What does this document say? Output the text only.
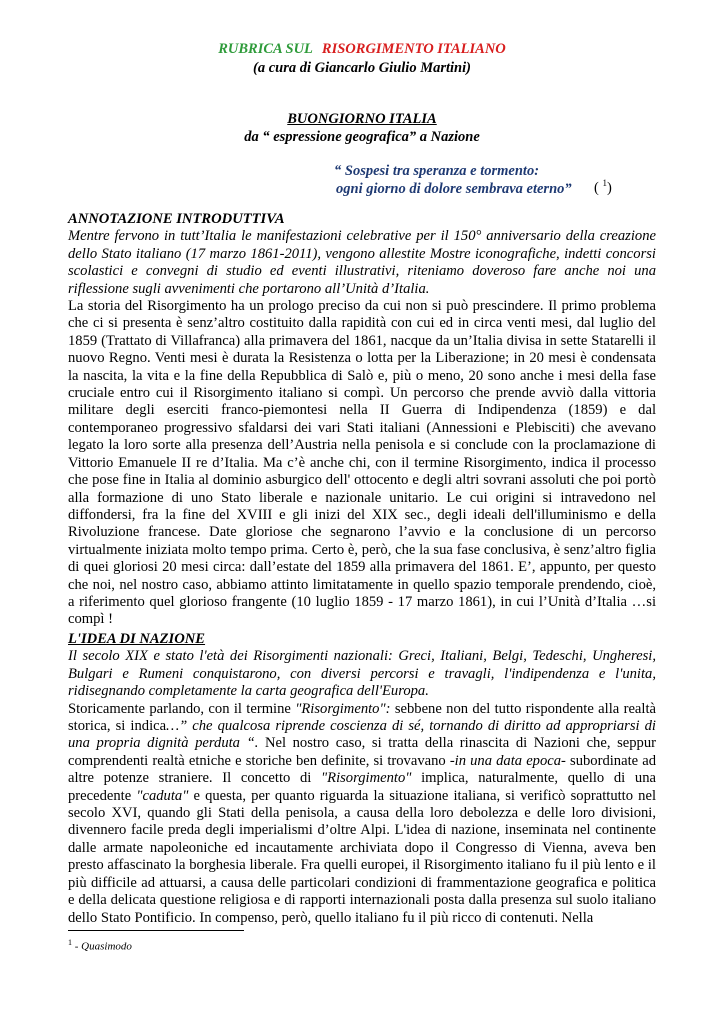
RUBRICA SUL RISORGIMENTO ITALIANO
(a cura di Giancarlo Giulio Martini)
BUONGIORNO ITALIA
da “ espressione geografica” a Nazione
“ Sospesi tra speranza e tormento:
ogni giorno di dolore sembrava eterno”	( $^1$)
ANNOTAZIONE INTRODUTTIVA

Mentre fervono in tutt’Italia le manifestazioni celebrative per il 150° anniversario della creazione dello Stato italiano (17 marzo 1861-2011), vengono allestite Mostre iconografiche, indetti concorsi scolastici e convegni di studio ed eventi illustrativi, riteniamo doveroso fare anche noi una riflessione sugli avvenimenti che portarono all’Unità d’Italia.

La storia del Risorgimento ha un prologo preciso da cui non si può prescindere. Il primo problema che ci si presenta è senz’altro costituito dalla rapidità con cui ed in circa venti mesi, dal luglio del 1859 (Trattato di Villafranca) alla primavera del 1861, nacque da un’Italia divisa in sette Statarelli il nuovo Regno. Venti mesi è durata la Resistenza o lotta per la Liberazione; in 20 mesi è condensata la nascita, la vita e la fine della Repubblica di Salò e, più o meno, 20 sono anche i mesi della fase cruciale entro cui il Risorgimento italiano si compì. Un percorso che prende avviò dalla vittoria militare degli eserciti franco-piemontesi nella II Guerra di Indipendenza (1859) e dal contemporaneo progressivo sfaldarsi dei vari Stati italiani (Annessioni e Plebisciti) che avevano legato la loro sorte alla presenza dell’Austria nella penisola e si conclude con la proclamazione di Vittorio Emanuele II re d’Italia. Ma c’è anche chi, con il termine Risorgimento, indica il processo che pose fine in Italia al dominio asburgico dell' ottocento e degli altri sovrani assoluti che poi portò alla formazione di uno Stato liberale e nazionale unitario. Le cui origini si intravedono nel diffondersi, fra la fine del XVIII e gli inizi del XIX sec., degli ideali dell'illuminismo e della Rivoluzione francese. Date gloriose che segnarono l’avvio e la conclusione di un percorso virtualmente iniziata molto tempo prima. Certo è, però, che la sua fase conclusiva, è senz’altro figlia di quei gloriosi 20 mesi circa: dall’estate del 1859 alla primavera del 1861. E’, appunto, per questo che noi, nel nostro caso, abbiamo attinto limitatamente in quello spazio temporale prendendo, cioè, a riferimento quel glorioso frangente (10 luglio 1859 - 17 marzo 1861), in cui l’Unità d’Italia …si compì !

L'IDEA DI NAZIONE

Il secolo XIX e stato l'età dei Risorgimenti nazionali: Greci, Italiani, Belgi, Tedeschi, Ungheresi, Bulgari e Rumeni conquistarono, con diversi percorsi e travagli, l'indipendenza e l'unita, ridisegnando completamente la carta geografica dell'Europa.

Storicamente parlando, con il termine "Risorgimento": sebbene non del tutto rispondente alla realtà storica, si indica…” che qualcosa riprende coscienza di sé, tornando di diritto ad appropriarsi di una propria dignità perduta “. Nel nostro caso, si tratta della rinascita di Nazioni che, seppur comprendenti realtà etniche e storiche ben definite, si trovavano -in una data epoca- subordinate ad altre potenze straniere. Il concetto di "Risorgimento" implica, naturalmente, quello di una precedente "caduta" e questa, per quanto riguarda la situazione italiana, si verificò soprattutto nel secolo XVI, quando gli Stati della penisola, a causa della loro debolezza e delle loro divisioni, divennero facile preda degli imperialismi d’oltre Alpi. L'idea di nazione, inseminata nel continente dalle armate napoleoniche ed incautamente archiviata dopo il Congresso di Vienna, aveva ben presto affascinato la borghesia liberale. Fra quelli europei, il Risorgimento italiano fu il più lento e il più difficile ad attuarsi, a causa delle particolari condizioni di frammentazione geografica e politica e della delicata questione religiosa e di rapporti internazionali posta dalla presenza sul suolo italiano dello Stato Pontificio. In compenso, però, quello italiano fu il più ricco di contenuti. Nella

$^1$ - Quasimodo
